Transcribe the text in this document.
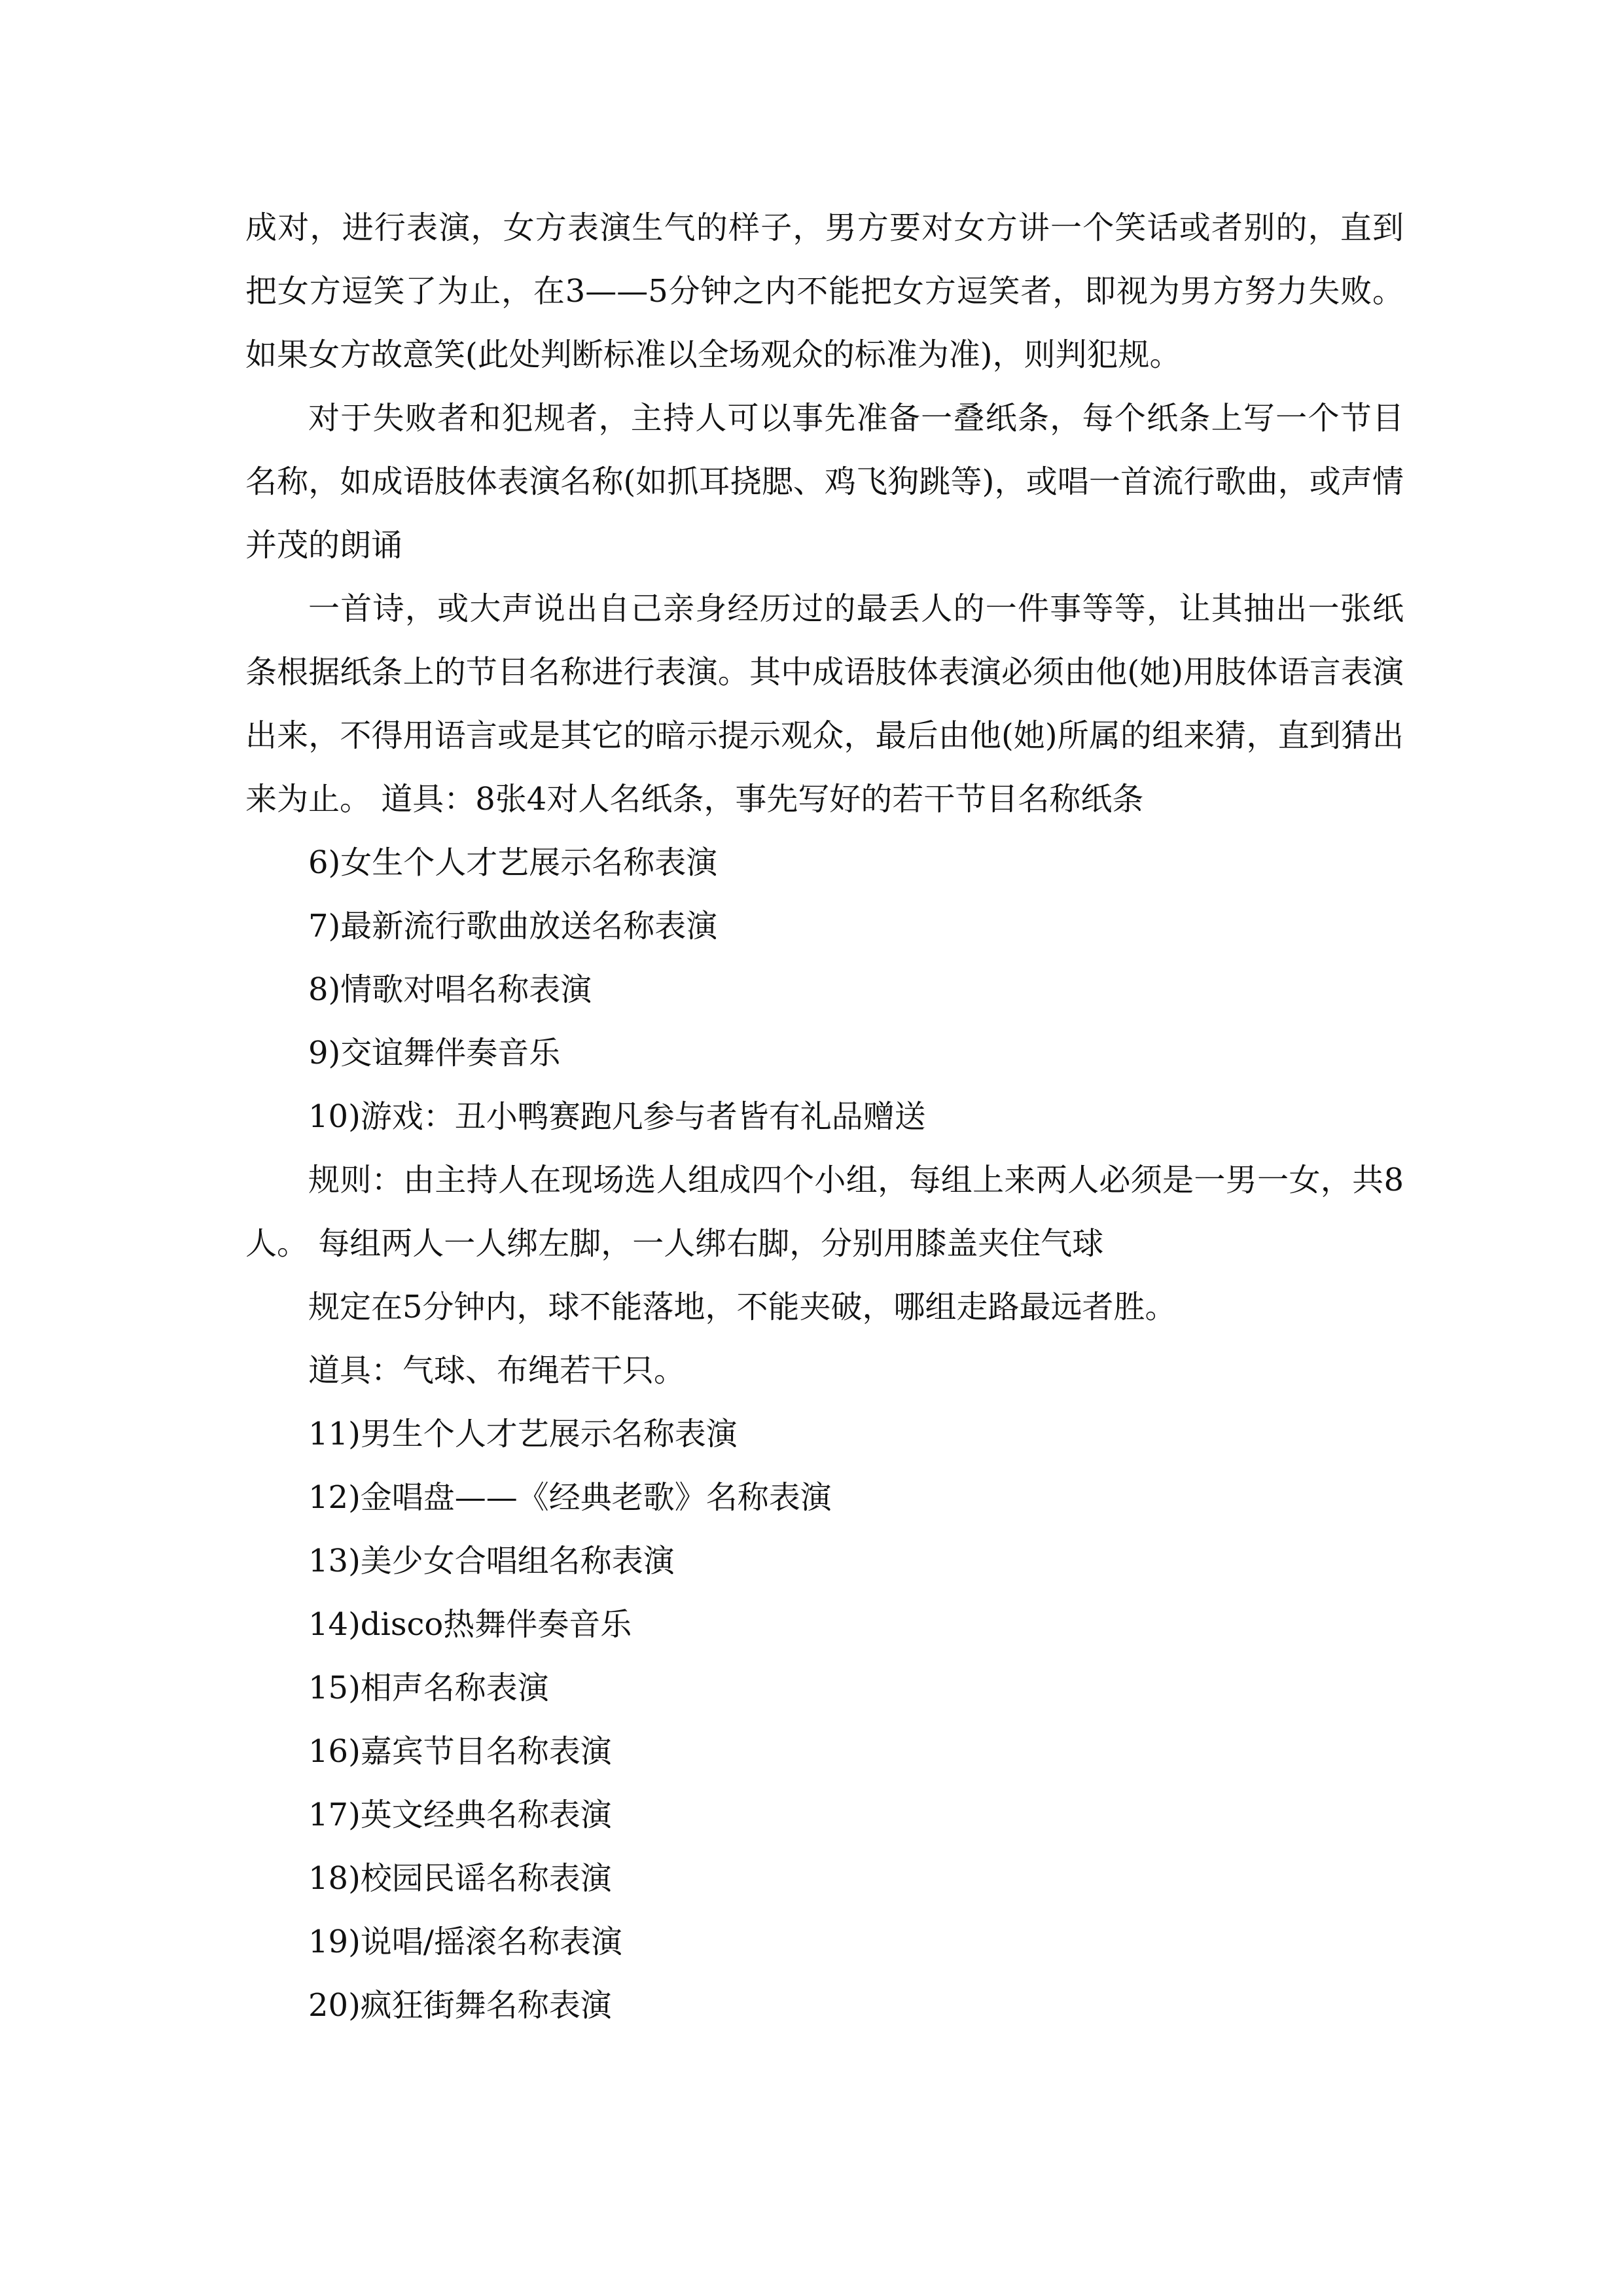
成对，进行表演，女方表演生气的样子，男方要对女方讲一个笑话或者别的，直到把女方逗笑了为止，在3——5分钟之内不能把女方逗笑者，即视为男方努力失败。如果女方故意笑(此处判断标准以全场观众的标准为准)，则判犯规。

对于失败者和犯规者，主持人可以事先准备一叠纸条，每个纸条上写一个节目名称，如成语肢体表演名称(如抓耳挠腮、鸡飞狗跳等)，或唱一首流行歌曲，或声情并茂的朗诵

一首诗，或大声说出自己亲身经历过的最丢人的一件事等等，让其抽出一张纸条根据纸条上的节目名称进行表演。其中成语肢体表演必须由他(她)用肢体语言表演出来，不得用语言或是其它的暗示提示观众，最后由他(她)所属的组来猜，直到猜出来为止。 道具：8张4对人名纸条，事先写好的若干节目名称纸条

6)女生个人才艺展示名称表演

7)最新流行歌曲放送名称表演

8)情歌对唱名称表演

9)交谊舞伴奏音乐

10)游戏：丑小鸭赛跑凡参与者皆有礼品赠送

规则：由主持人在现场选人组成四个小组，每组上来两人必须是一男一女，共8人。 每组两人一人绑左脚，一人绑右脚，分别用膝盖夹住气球

规定在5分钟内，球不能落地，不能夹破，哪组走路最远者胜。

道具：气球、布绳若干只。

11)男生个人才艺展示名称表演

12)金唱盘——《经典老歌》名称表演

13)美少女合唱组名称表演

14)disco热舞伴奏音乐

15)相声名称表演

16)嘉宾节目名称表演

17)英文经典名称表演

18)校园民谣名称表演

19)说唱/摇滚名称表演

20)疯狂街舞名称表演
